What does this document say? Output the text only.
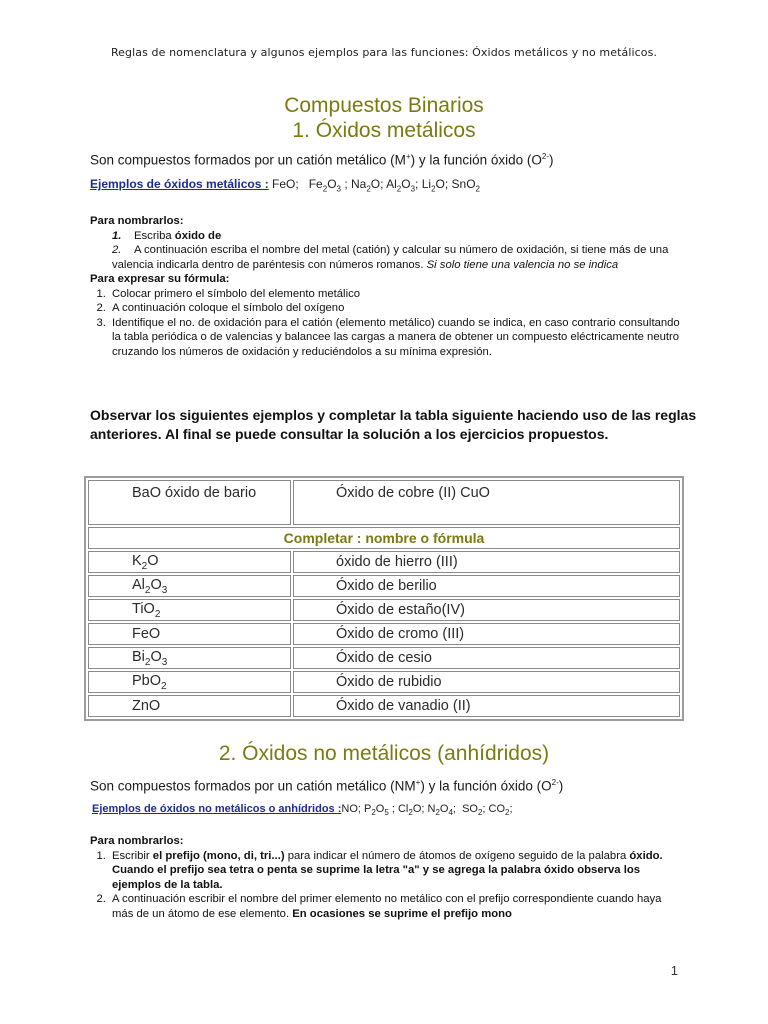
Reglas de nomenclatura y algunos ejemplos para las funciones: Óxidos metálicos y no metálicos.
Compuestos Binarios
1. Óxidos metálicos
Son compuestos formados por un catión metálico (M+) y la función óxido $(O^{2-})$
Ejemplos de óxidos metálicos : FeO;   $Fe_2O_3$ ; $Na_2O$; $Al_2O_3$; $Li_2O$; SnO$_2$
Para nombrarlos:
1. Escriba óxido de
2. A continuación escriba el nombre del metal (catión) y calcular su número de oxidación, si tiene más de una valencia indicarla dentro de paréntesis con números romanos. Si solo tiene una valencia no se indica
Para expresar su fórmula:
1. Colocar primero el símbolo del elemento metálico
2. A continuación coloque el símbolo del oxígeno
3. Identifique el no. de oxidación para el catión (elemento metálico) cuando se indica, en caso contrario consultando la tabla periódica o de valencias y balancee las cargas a manera de obtener un compuesto eléctricamente neutro cruzando los números de oxidación y reduciéndolos a su mínima expresión.
Observar los siguientes ejemplos y completar la tabla siguiente haciendo uso de las reglas anteriores. Al final se puede consultar la solución a los ejercicios propuestos.
BaO óxido de bario	Óxido de cobre (II) CuO
Completar : nombre o fórmula	
$K_2O$	óxido de hierro (III)
$Al_2O_3$	Óxido de berilio
TiO$_2$	Óxido de estaño(IV)
FeO	Óxido de cromo (III)
$Bi_2O_3$	Óxido de cesio
PbO$_2$	Óxido de rubidio
ZnO	Óxido de vanadio (II)
2. Óxidos no metálicos (anhídridos)
Son compuestos formados por un catión metálico (NM+) y la función óxido $(O^{2-})$
Ejemplos de óxidos no metálicos o anhídridos :NO; $P_2O_5$ ; $Cl_2O$; $N_2O_4$;  $SO_2$; $CO_2$;
Para nombrarlos:
1. Escribir el prefijo (mono, di, tri...) para indicar el número de átomos de oxígeno seguido de la palabra óxido. Cuando el prefijo sea tetra o penta se suprime la letra "a" y se agrega la palabra óxido observa los ejemplos de la tabla.
2. A continuación escribir el nombre del primer elemento no metálico con el prefijo correspondiente cuando haya más de un átomo de ese elemento. En ocasiones se suprime el prefijo mono
1
